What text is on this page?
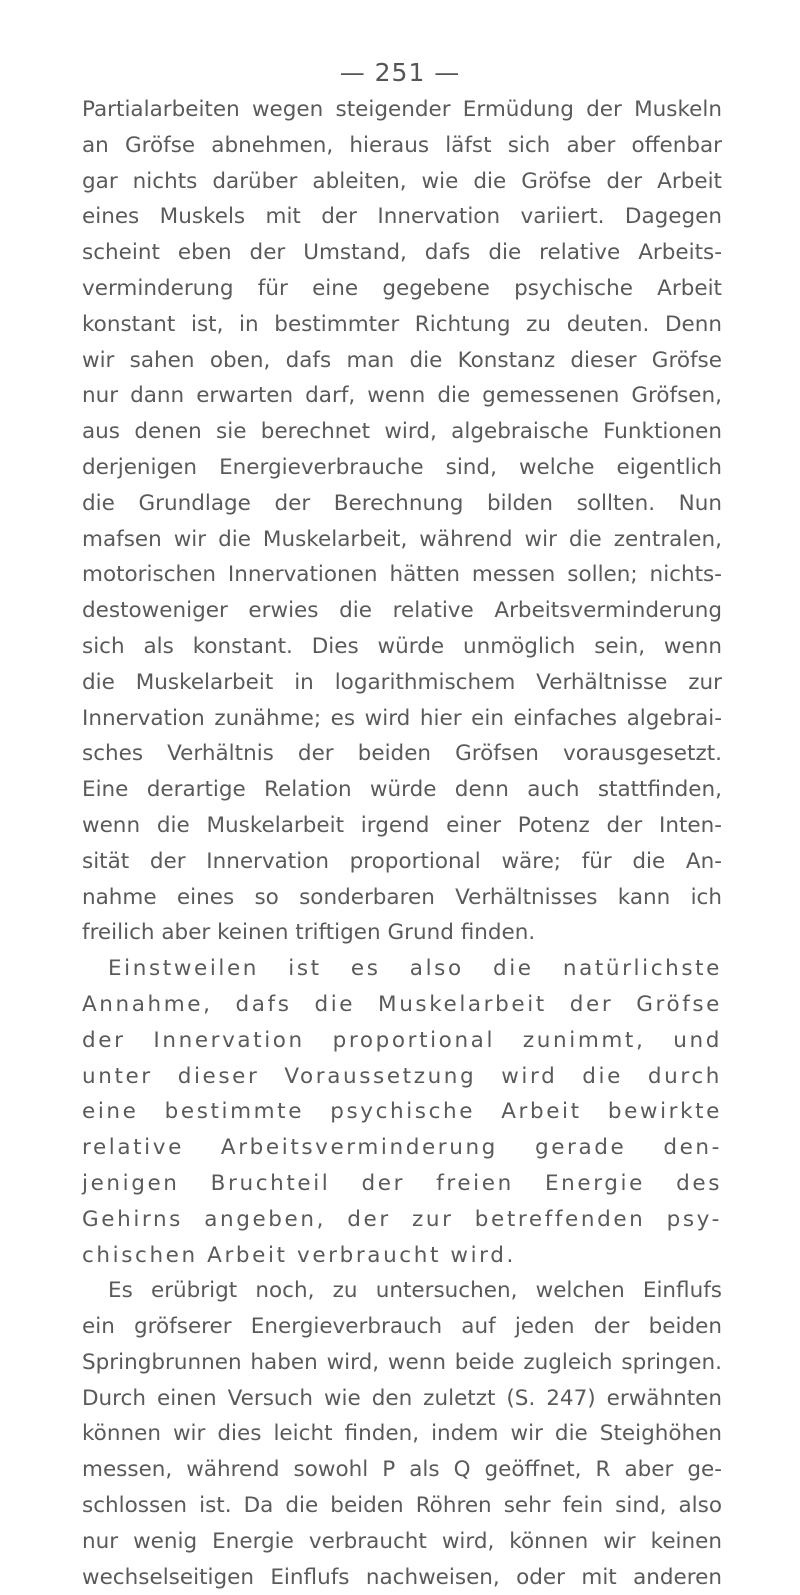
— 251 —
Partialarbeiten wegen steigender Ermüdung der Muskeln
an Gröfse abnehmen, hieraus läfst sich aber offenbar
gar nichts darüber ableiten, wie die Gröfse der Arbeit
eines Muskels mit der Innervation variiert. Dagegen
scheint eben der Umstand, dafs die relative Arbeits-
verminderung für eine gegebene psychische Arbeit
konstant ist, in bestimmter Richtung zu deuten. Denn
wir sahen oben, dafs man die Konstanz dieser Gröfse
nur dann erwarten darf, wenn die gemessenen Gröfsen,
aus denen sie berechnet wird, algebraische Funktionen
derjenigen Energieverbrauche sind, welche eigentlich
die Grundlage der Berechnung bilden sollten. Nun
mafsen wir die Muskelarbeit, während wir die zentralen,
motorischen Innervationen hätten messen sollen; nichts-
destoweniger erwies die relative Arbeitsverminderung
sich als konstant. Dies würde unmöglich sein, wenn
die Muskelarbeit in logarithmischem Verhältnisse zur
Innervation zunähme; es wird hier ein einfaches algebrai-
sches Verhältnis der beiden Gröfsen vorausgesetzt.
Eine derartige Relation würde denn auch stattfinden,
wenn die Muskelarbeit irgend einer Potenz der Inten-
sität der Innervation proportional wäre; für die An-
nahme eines so sonderbaren Verhältnisses kann ich
freilich aber keinen triftigen Grund finden.
Einstweilen ist es also die natürlichste
Annahme, dafs die Muskelarbeit der Gröfse
der Innervation proportional zunimmt, und
unter dieser Voraussetzung wird die durch
eine bestimmte psychische Arbeit bewirkte
relative Arbeitsverminderung gerade den-
jenigen Bruchteil der freien Energie des
Gehirns angeben, der zur betreffenden psy-
chischen Arbeit verbraucht wird.
Es erübrigt noch, zu untersuchen, welchen Einflufs
ein gröfserer Energieverbrauch auf jeden der beiden
Springbrunnen haben wird, wenn beide zugleich springen.
Durch einen Versuch wie den zuletzt (S. 247) erwähnten
können wir dies leicht finden, indem wir die Steighöhen
messen, während sowohl P als Q geöffnet, R aber ge-
schlossen ist. Da die beiden Röhren sehr fein sind, also
nur wenig Energie verbraucht wird, können wir keinen
wechselseitigen Einflufs nachweisen, oder mit anderen
